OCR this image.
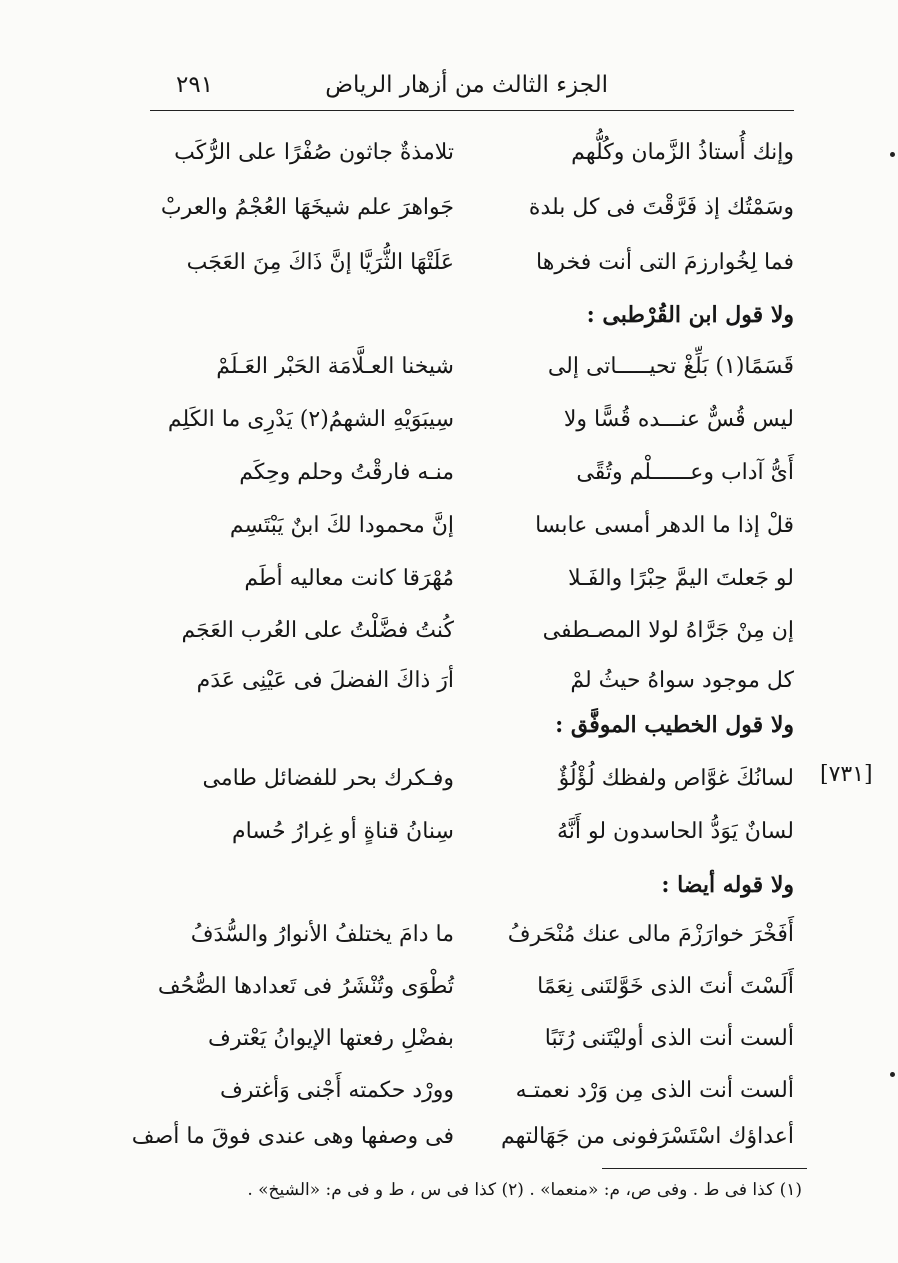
٢٩١	الجزء الثالث من أزهار الرياض
وإنك أُستاذُ الزَّمان وكُلُّهم
تلامذةٌ جاثون صُفْرًا على الرُّكَب
وسَمْتُك إذ فَرَّقْتَ فى كل بلدة
جَواهرَ علم شيخَهَا العُجْمُ والعربْ
فما لِخُوارزمَ التى أنت فخرها
عَلَتْهَا الثُّرَيَّا إنَّ ذَاكَ مِنَ العَجَب
ولا قول ابن القُرْطبى :
قَسَمًا(١) بَلِّغْ تحيـــــاتى إلى
شيخنا العـلَّامَة الحَبْر العَـلَمْ
ليس قُسٌّ عنـــده قُسًّا ولا
سِيبَوَيْهِ الشهمُ(٢) يَدْرِى ما الكَلِم
أَىُّ آداب وعــــــلْم وتُقًى
منـه فارقْتُ وحلم وحِكَم
قلْ إذا ما الدهر أمسى عابسا
إنَّ محمودا لكَ ابنٌ يَبْتَسِم
لو جَعلتَ اليمَّ حِبْرًا والفَـلا
مُهْرَقا كانت معاليه أطَم
إن مِنْ جَرَّاهُ لولا المصـطفى
كُنتُ فضَّلْتُ على العُرب العَجَم
كل موجود سواهُ حيثُ لمْ
أرَ ذاكَ الفضلَ فى عَيْنِى عَدَم
ولا قول الخطيب الموفَّق :
[٧٣١]
لسانُكَ غوَّاص ولفظك لُؤْلُؤٌ
وفـكرك بحر للفضائل طامى
لسانٌ يَوَدُّ الحاسدون لو أَنَّهُ
سِنانُ قناةٍ أو غِرارُ حُسام
ولا قوله أيضا :
أَفَخْرَ خوارَزْمَ مالى عنك مُنْحَرفُ
ما دامَ يختلفُ الأنوارُ والسُّدَفُ
أَلَسْتَ أنتَ الذى خَوَّلتَنى نِعَمًا
تُطْوَى وتُنْشَرُ فى تَعدادها الصُّحُف
ألست أنت الذى أوليْتَنى رُتَبًا
بفضْلِ رفعتها الإيوانُ يَعْترف
ألست أنت الذى مِن وَرْد نعمتـه
وورْد حكمته أَجْنى وَأغترف
أعداؤك اسْتَسْرَفونى من جَهَالتهم
فى وصفها وهى عندى فوقَ ما أصف
(١) كذا فى ط . وفى ص، م: «منعما» . (٢) كذا فى س ، ط و فى م: «الشيخ» .
